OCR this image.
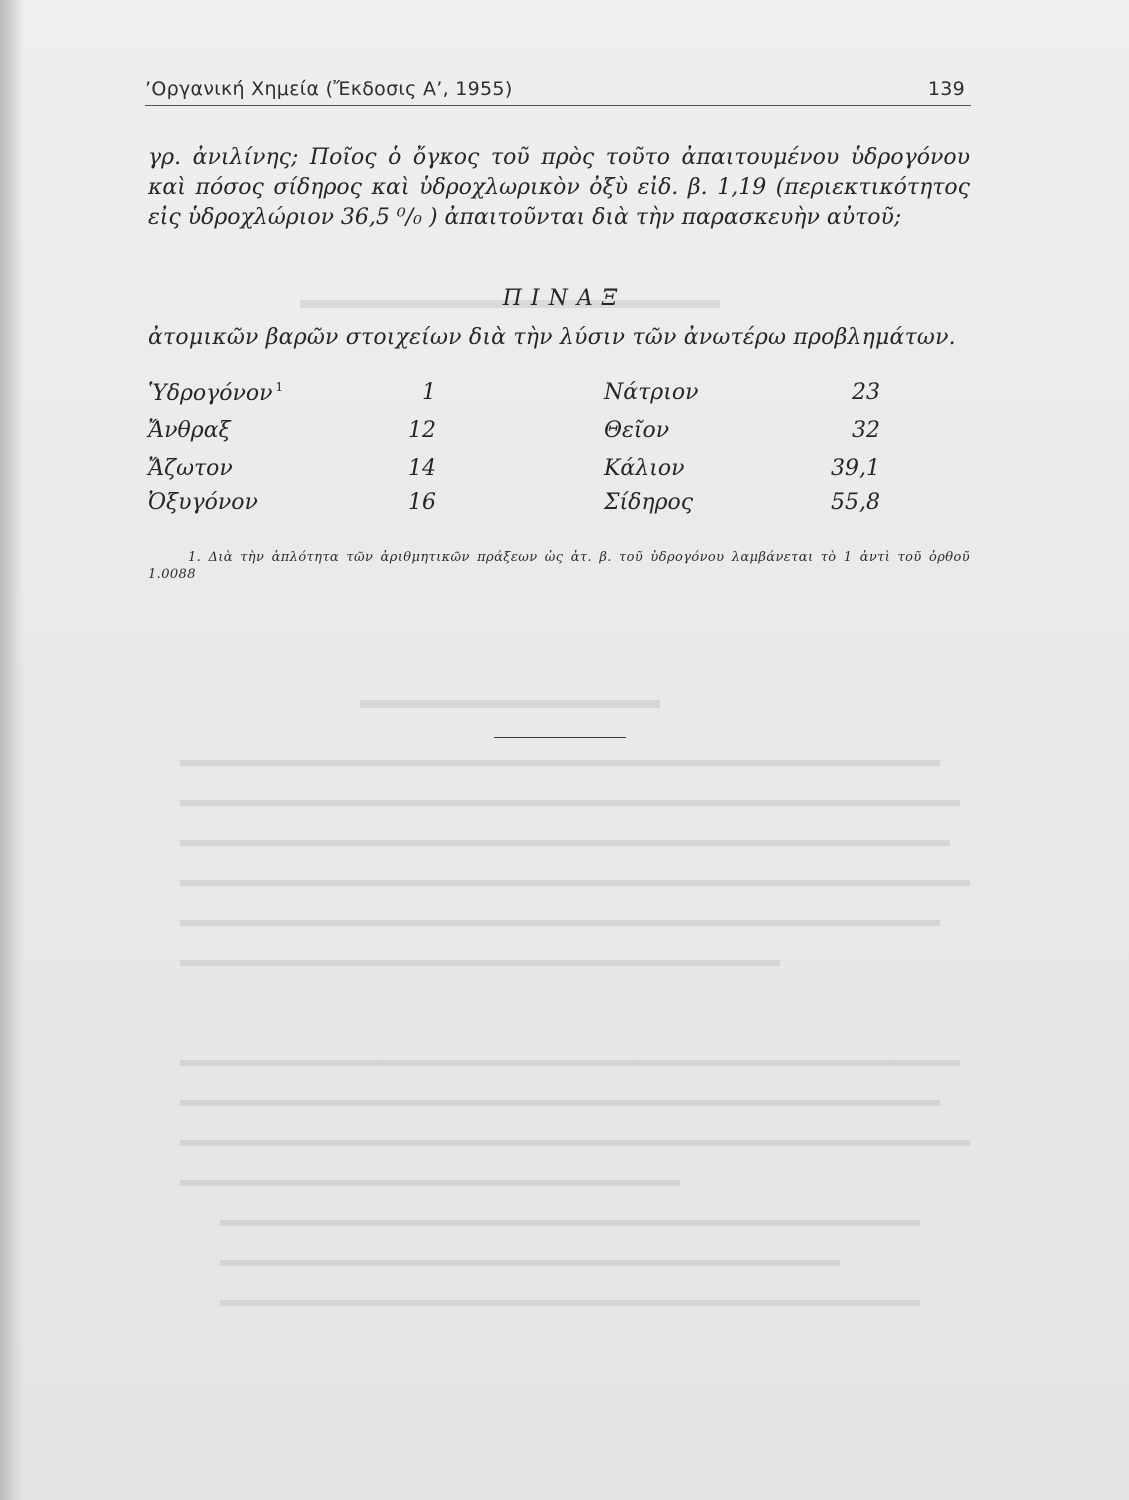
’Οργανική Χημεία (Ἔκδοσις Α’, 1955)	139

γρ. ἀνιλίνης; Ποῖος ὁ ὄγκος τοῦ πρὸς τοῦτο ἀπαιτουμένου ὑδρογόνου καὶ πόσος σίδηρος καὶ ὑδροχλωρικὸν ὀξὺ εἰδ. β. 1,19 (περιεκτικότητος εἰς ὑδροχλώριον 36,5 ⁰/₀ ) ἀπαιτοῦνται διὰ τὴν παρασκευὴν αὐτοῦ;

ΠΙΝΑΞ
ἀτομικῶν βαρῶν στοιχείων διὰ τὴν λύσιν τῶν ἀνωτέρω προβλημάτων.
Ὑδρογόνον $^1$	1	Νάτριον	23
Ἄνθραξ	12	Θεῖον	32
Ἄζωτον	14	Κάλιον	39,1
Ὀξυγόνον	16	Σίδηρος	55,8
1. Διὰ τὴν ἁπλότητα τῶν ἀριθμητικῶν πράξεων ὡς ἀτ. β. τοῦ ὑδρογόνου λαμβάνεται τὸ 1 ἀντὶ τοῦ ὀρθοῦ 1.0088
